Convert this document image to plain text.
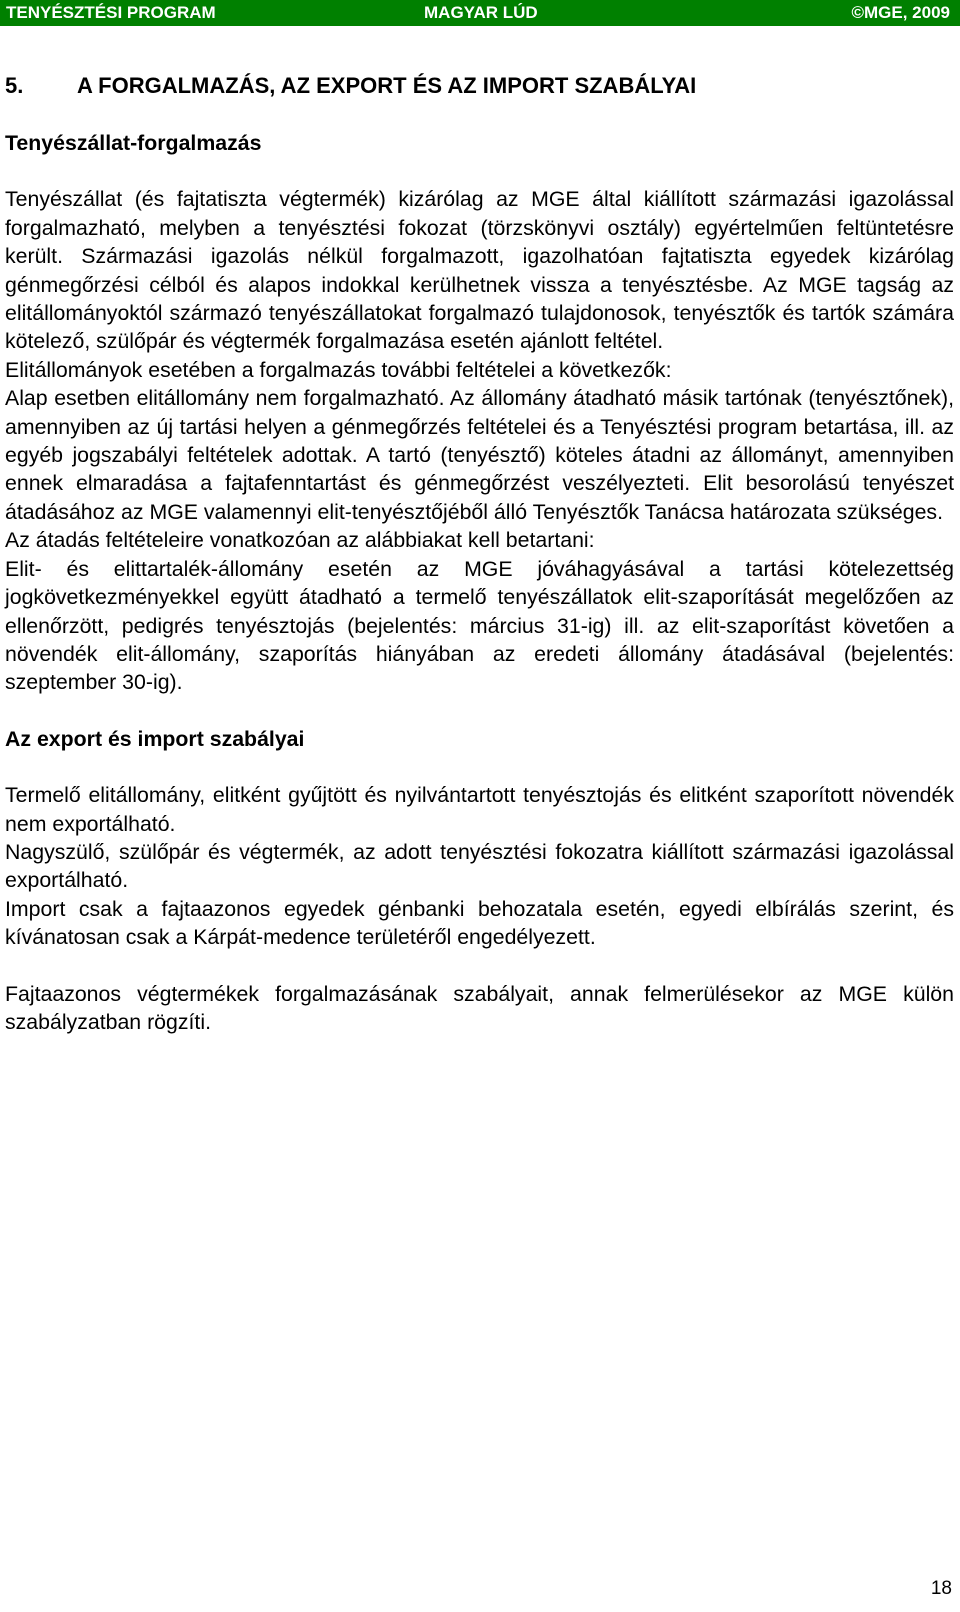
TENYÉSZTÉSI PROGRAM	MAGYAR LÚD	©MGE, 2009
5.	A FORGALMAZÁS, AZ EXPORT ÉS AZ IMPORT SZABÁLYAI
Tenyészállat-forgalmazás

Tenyészállat (és fajtatiszta végtermék) kizárólag az MGE által kiállított származási igazolással forgalmazható, melyben a tenyésztési fokozat (törzskönyvi osztály) egyértelműen feltüntetésre került. Származási igazolás nélkül forgalmazott, igazolhatóan fajtatiszta egyedek kizárólag génmegőrzési célból és alapos indokkal kerülhetnek vissza a tenyésztésbe. Az MGE tagság az elitállományoktól származó tenyészállatokat forgalmazó tulajdonosok, tenyésztők és tartók számára kötelező, szülőpár és végtermék forgalmazása esetén ajánlott feltétel.

Elitállományok esetében a forgalmazás további feltételei a következők:

Alap esetben elitállomány nem forgalmazható. Az állomány átadható másik tartónak (tenyésztőnek), amennyiben az új tartási helyen a génmegőrzés feltételei és a Tenyésztési program betartása, ill. az egyéb jogszabályi feltételek adottak. A tartó (tenyésztő) köteles átadni az állományt, amennyiben ennek elmaradása a fajtafenntartást és génmegőrzést veszélyezteti. Elit besorolású tenyészet átadásához az MGE valamennyi elit-tenyésztőjéből álló Tenyésztők Tanácsa határozata szükséges.

Az átadás feltételeire vonatkozóan az alábbiakat kell betartani:

Elit- és elittartalék-állomány esetén az MGE jóváhagyásával a tartási kötelezettség jogkövetkezményekkel együtt átadható a termelő tenyészállatok elit-szaporítását megelőzően az ellenőrzött, pedigrés tenyésztojás (bejelentés: március 31-ig) ill. az elit-szaporítást követően a növendék elit-állomány, szaporítás hiányában az eredeti állomány átadásával (bejelentés: szeptember 30-ig).

Az export és import szabályai

Termelő elitállomány, elitként gyűjtött és nyilvántartott tenyésztojás és elitként szaporított növendék nem exportálható.

Nagyszülő, szülőpár és végtermék, az adott tenyésztési fokozatra kiállított származási igazolással exportálható.

Import csak a fajtaazonos egyedek génbanki behozatala esetén, egyedi elbírálás szerint, és kívánatosan csak a Kárpát-medence területéről engedélyezett.

Fajtaazonos végtermékek forgalmazásának szabályait, annak felmerülésekor az MGE külön szabályzatban rögzíti.

18
